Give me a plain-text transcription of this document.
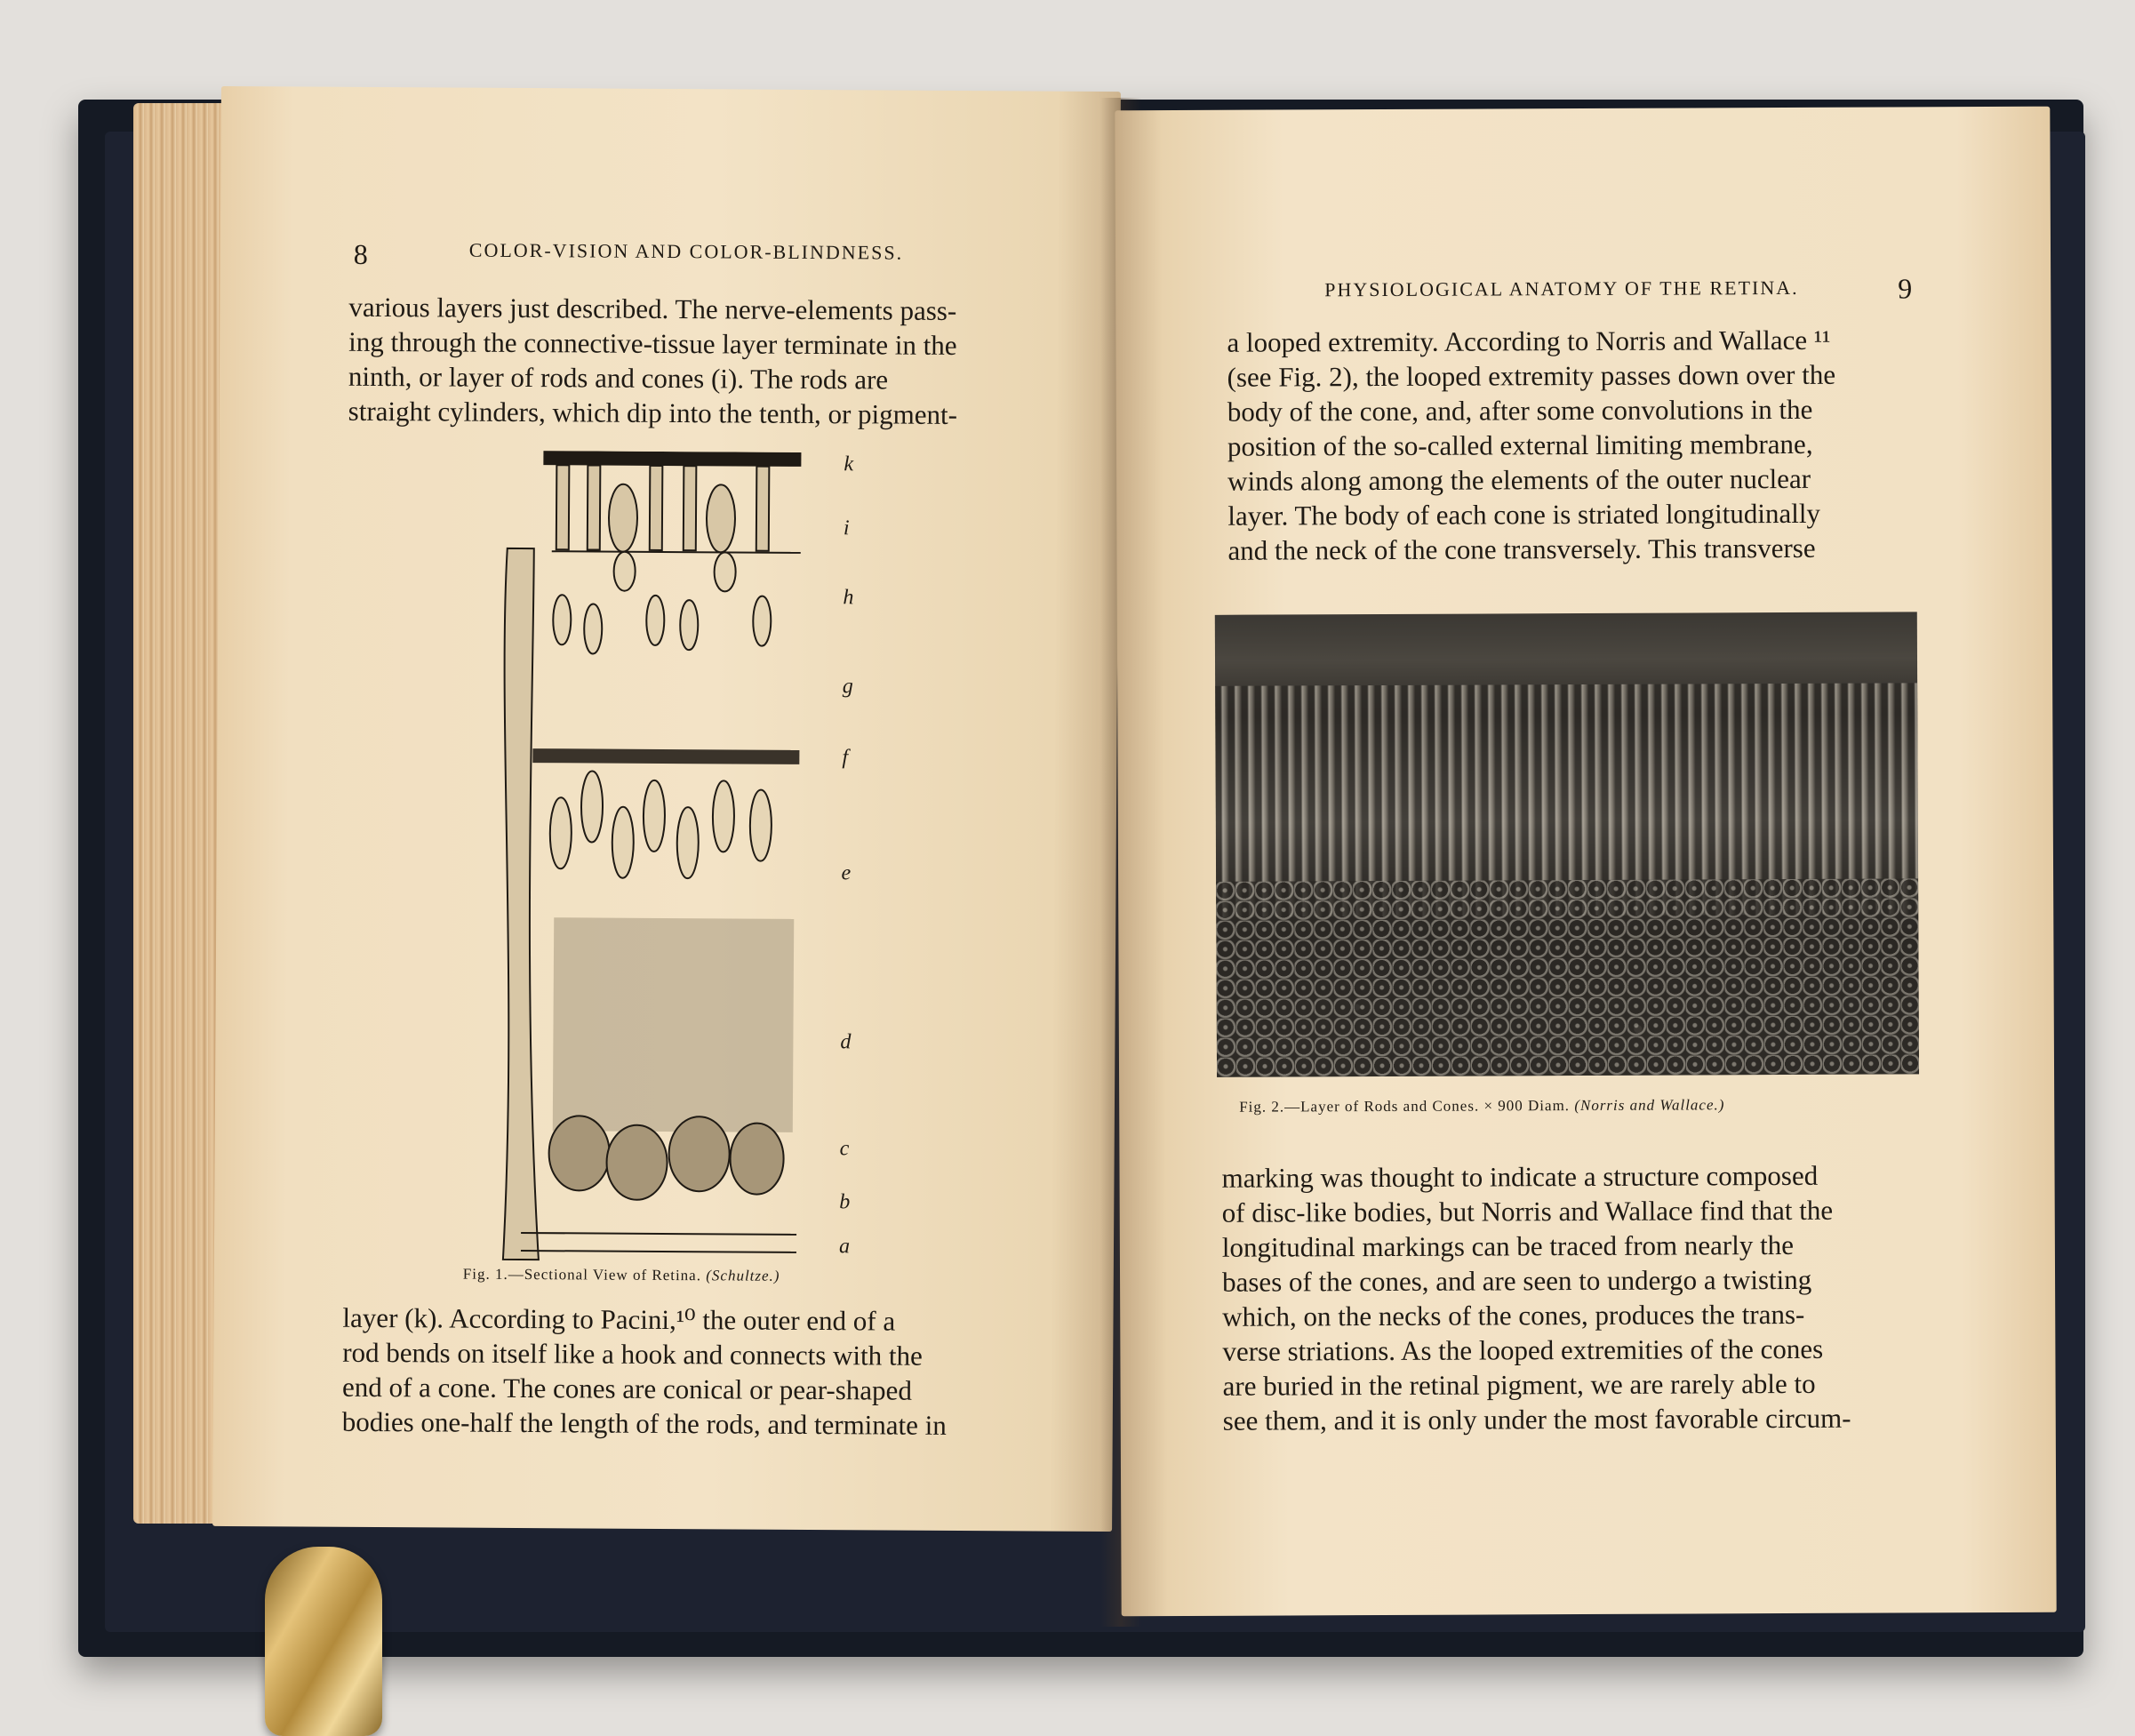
8	COLOR-VISION AND COLOR-BLINDNESS.
various layers just described. The nerve-elements pass-
ing through the connective-tissue layer terminate in the
ninth, or layer of rods and cones (i). The rods are
straight cylinders, which dip into the tenth, or pigment-
k
i
h
g
f
e
d
c
b
a
Fig. 1.—Sectional View of Retina. (Schultze.)
layer (k). According to Pacini,¹⁰ the outer end of a
rod bends on itself like a hook and connects with the
end of a cone. The cones are conical or pear-shaped
bodies one-half the length of the rods, and terminate in
PHYSIOLOGICAL ANATOMY OF THE RETINA.	9
a looped extremity. According to Norris and Wallace ¹¹
(see Fig. 2), the looped extremity passes down over the
body of the cone, and, after some convolutions in the
position of the so-called external limiting membrane,
winds along among the elements of the outer nuclear
layer. The body of each cone is striated longitudinally
and the neck of the cone transversely. This transverse
Fig. 2.—Layer of Rods and Cones. × 900 Diam. (Norris and Wallace.)
marking was thought to indicate a structure composed
of disc-like bodies, but Norris and Wallace find that the
longitudinal markings can be traced from nearly the
bases of the cones, and are seen to undergo a twisting
which, on the necks of the cones, produces the trans-
verse striations. As the looped extremities of the cones
are buried in the retinal pigment, we are rarely able to
see them, and it is only under the most favorable circum-
